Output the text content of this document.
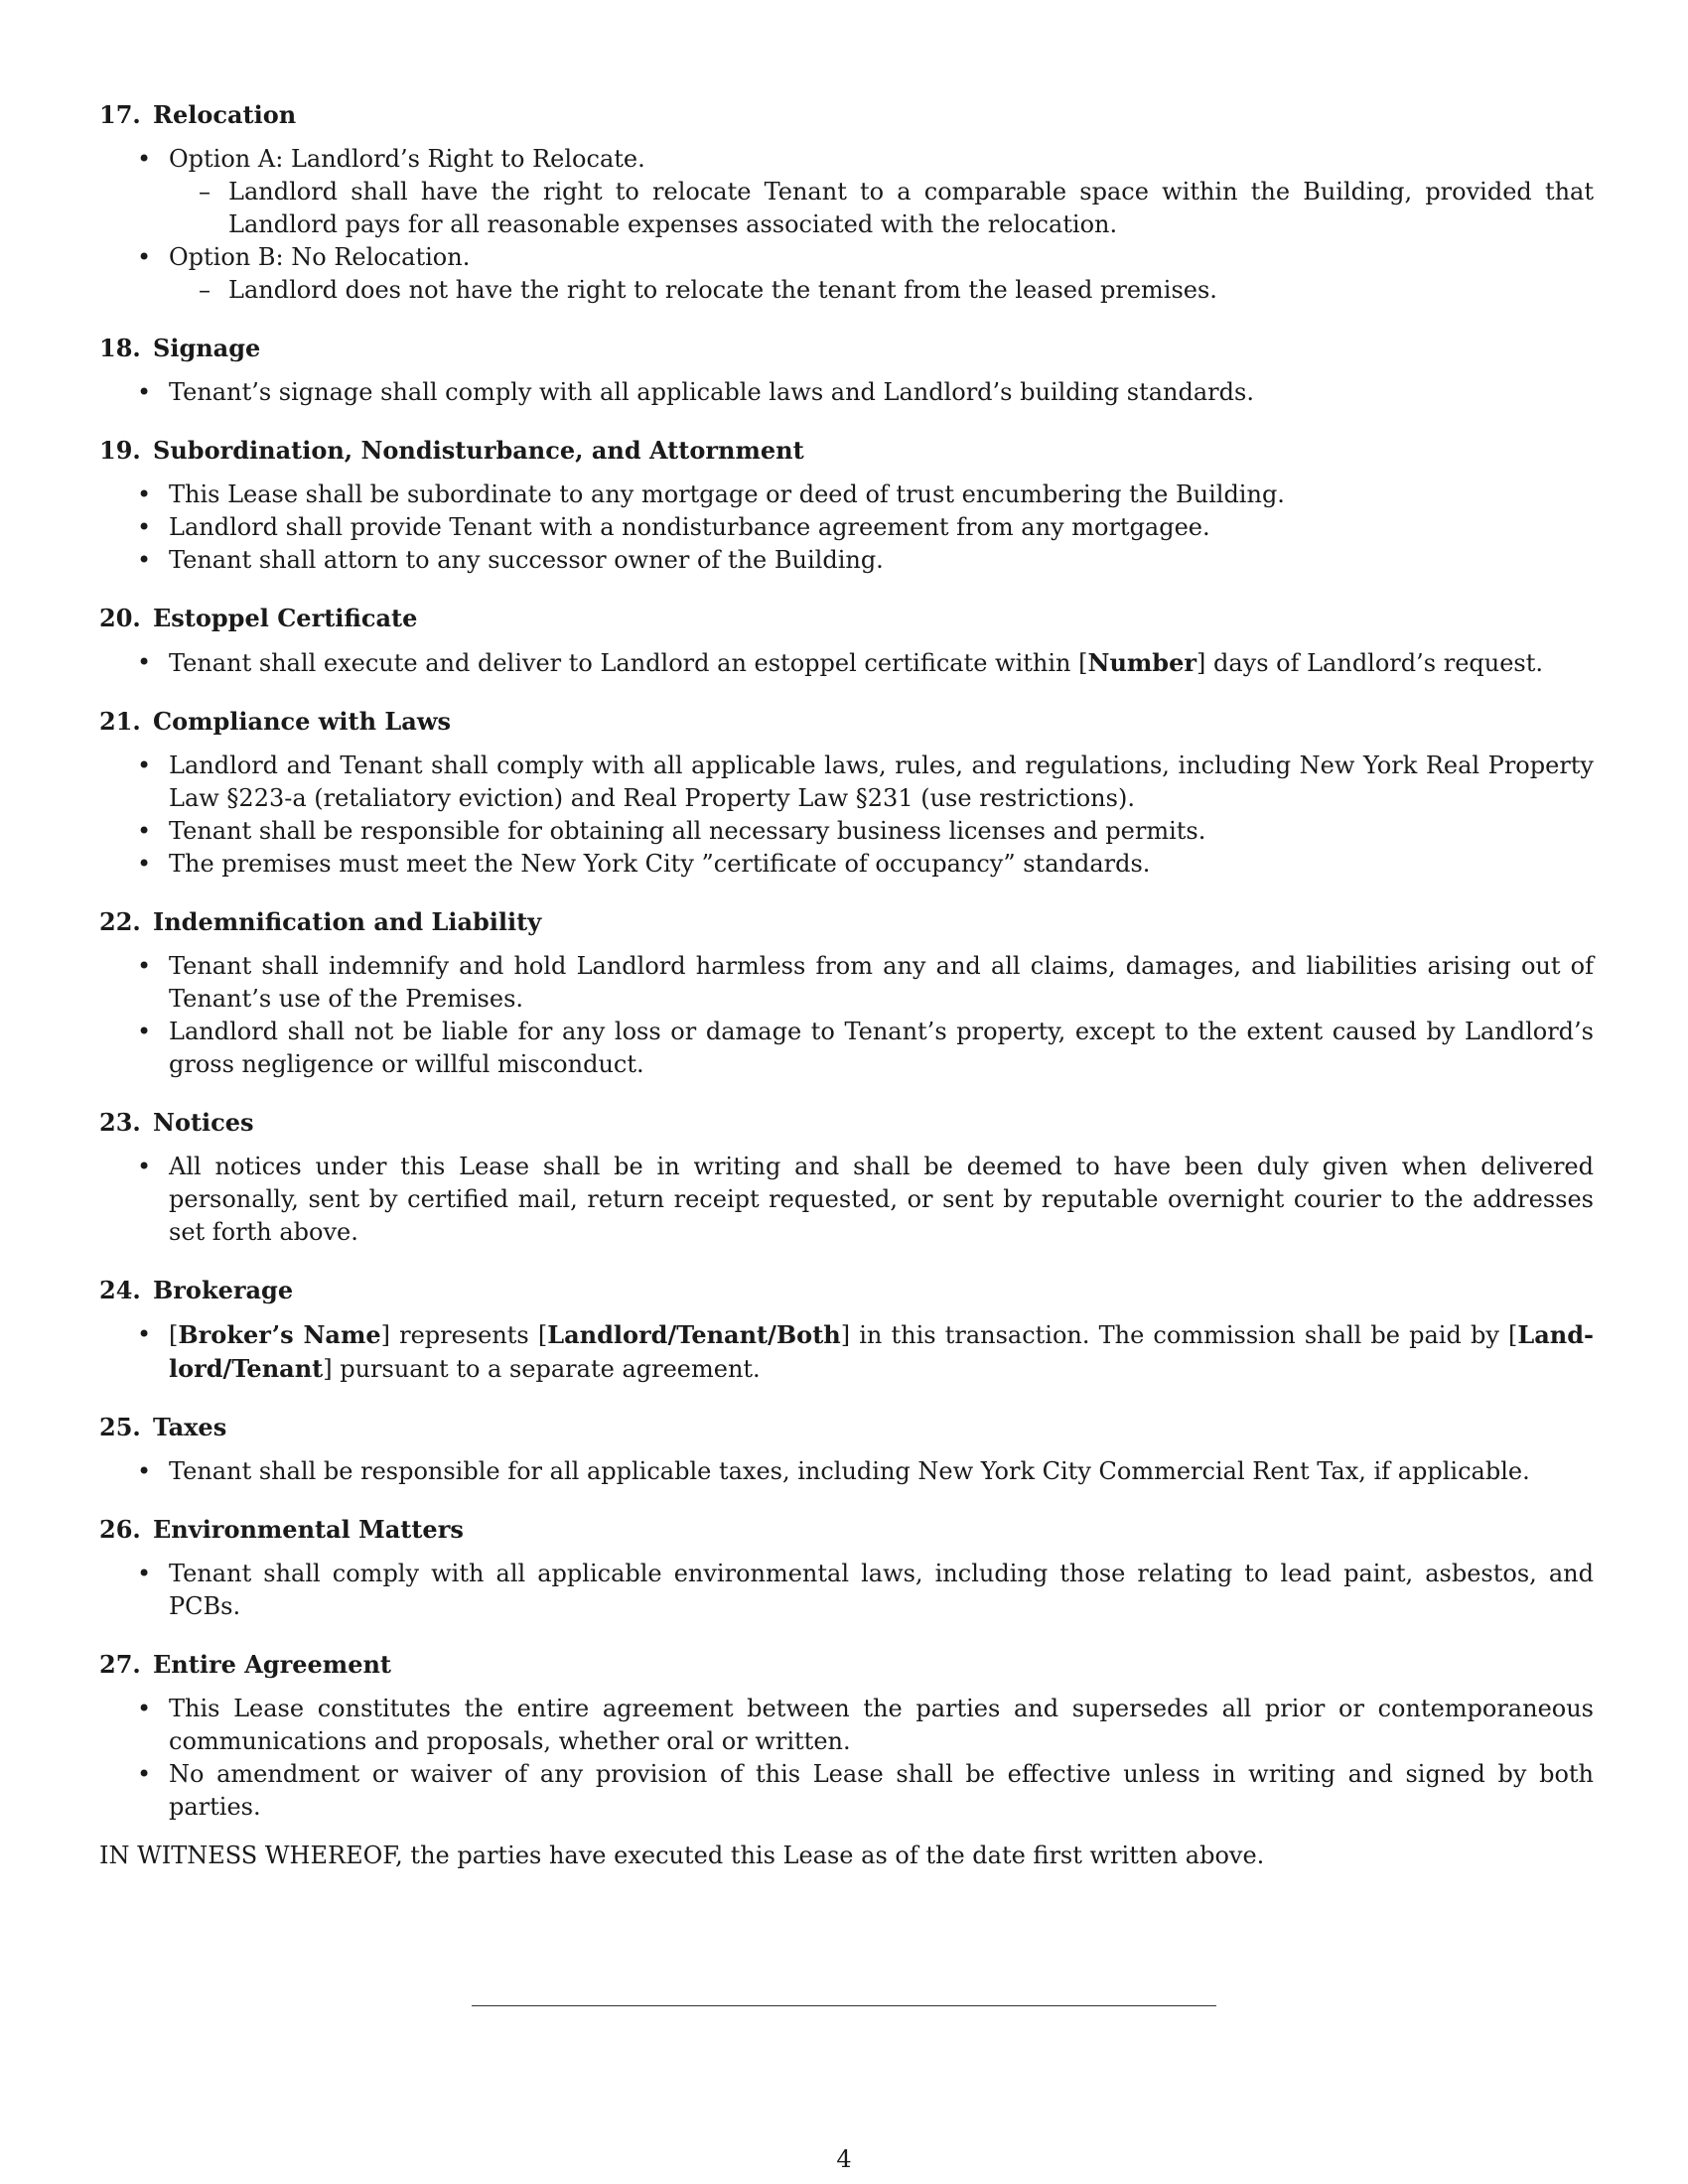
17. Relocation
• Option A: Landlord’s Right to Relocate.
– Landlord shall have the right to relocate Tenant to a comparable space within the Building, provided that Landlord pays for all reasonable expenses associated with the relocation.
• Option B: No Relocation.
– Landlord does not have the right to relocate the tenant from the leased premises.
18. Signage
• Tenant’s signage shall comply with all applicable laws and Landlord’s building standards.
19. Subordination, Nondisturbance, and Attornment
• This Lease shall be subordinate to any mortgage or deed of trust encumbering the Building.
• Landlord shall provide Tenant with a nondisturbance agreement from any mortgagee.
• Tenant shall attorn to any successor owner of the Building.
20. Estoppel Certificate
• Tenant shall execute and deliver to Landlord an estoppel certificate within [Number] days of Landlord’s request.
21. Compliance with Laws
• Landlord and Tenant shall comply with all applicable laws, rules, and regulations, including New York Real Property Law §223-a (retaliatory eviction) and Real Property Law §231 (use restrictions).
• Tenant shall be responsible for obtaining all necessary business licenses and permits.
• The premises must meet the New York City ”certificate of occupancy” standards.
22. Indemnification and Liability
• Tenant shall indemnify and hold Landlord harmless from any and all claims, damages, and liabilities arising out of Tenant’s use of the Premises.
• Landlord shall not be liable for any loss or damage to Tenant’s property, except to the extent caused by Landlord’s gross negligence or willful misconduct.
23. Notices
• All notices under this Lease shall be in writing and shall be deemed to have been duly given when delivered personally, sent by certified mail, return receipt requested, or sent by reputable overnight courier to the addresses set forth above.
24. Brokerage
• [Broker’s Name] represents [Landlord/Tenant/Both] in this transaction. The commission shall be paid by [Land-lord/Tenant] pursuant to a separate agreement.
25. Taxes
• Tenant shall be responsible for all applicable taxes, including New York City Commercial Rent Tax, if applicable.
26. Environmental Matters
• Tenant shall comply with all applicable environmental laws, including those relating to lead paint, asbestos, and PCBs.
27. Entire Agreement
• This Lease constitutes the entire agreement between the parties and supersedes all prior or contemporaneous communications and proposals, whether oral or written.
• No amendment or waiver of any provision of this Lease shall be effective unless in writing and signed by both parties.
IN WITNESS WHEREOF, the parties have executed this Lease as of the date first written above.
4
